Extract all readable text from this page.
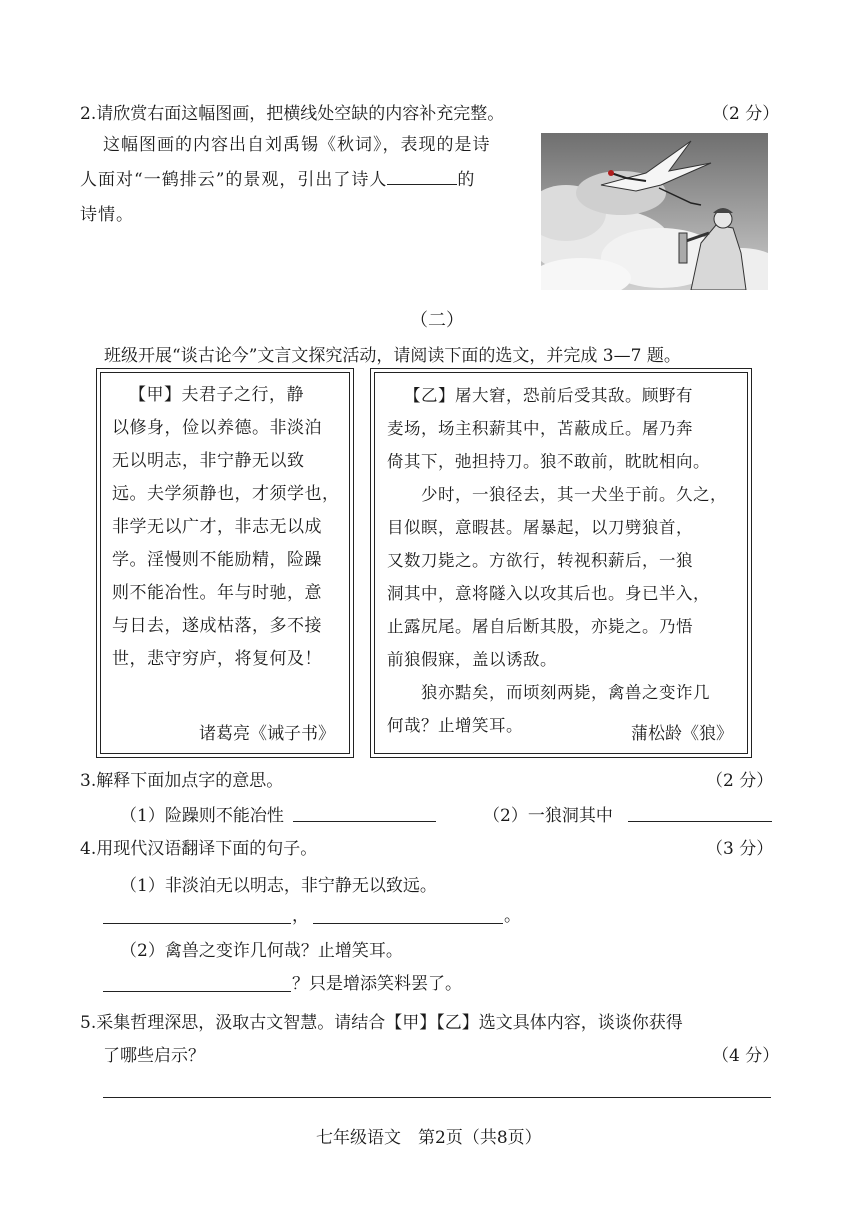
2.请欣赏右面这幅图画，把横线处空缺的内容补充完整。	（2 分）
这幅图画的内容出自刘禹锡《秋词》，表现的是诗
人面对“一鹤排云”的景观，引出了诗人	的
诗情。
（二）
班级开展“谈古论今”文言文探究活动，请阅读下面的选文，并完成 3—7 题。

【甲】夫君子之行，静

以修身，俭以养德。非淡泊

无以明志，非宁静无以致

远。夫学须静也，才须学也，

非学无以广才，非志无以成

学。淫慢则不能励精，险躁

则不能冶性。年与时驰，意

与日去，遂成枯落，多不接

世，悲守穷庐，将复何及！

诸葛亮《诫子书》

【乙】屠大窘，恐前后受其敌。顾野有

麦场，场主积薪其中，苫蔽成丘。屠乃奔

倚其下，弛担持刀。狼不敢前，眈眈相向。

少时，一狼径去，其一犬坐于前。久之，

目似瞑，意暇甚。屠暴起，以刀劈狼首，

又数刀毙之。方欲行，转视积薪后，一狼

洞其中，意将隧入以攻其后也。身已半入，

止露尻尾。屠自后断其股，亦毙之。乃悟

前狼假寐，盖以诱敌。

狼亦黠矣，而顷刻两毙，禽兽之变诈几

何哉？止增笑耳。	蒲松龄《狼》
3.解释下面加点字的意思。	（2 分）
（1）险躁则不能冶性	（2）一狼洞其中
4.用现代汉语翻译下面的句子。	（3 分）
（1）非淡泊无以明志，非宁静无以致远。
，	。
（2）禽兽之变诈几何哉？止增笑耳。
？只是增添笑料罢了。
5.采集哲理深思，汲取古文智慧。请结合【甲】【乙】选文具体内容，谈谈你获得
了哪些启示？	（4 分）
七年级语文　第2页（共8页）
